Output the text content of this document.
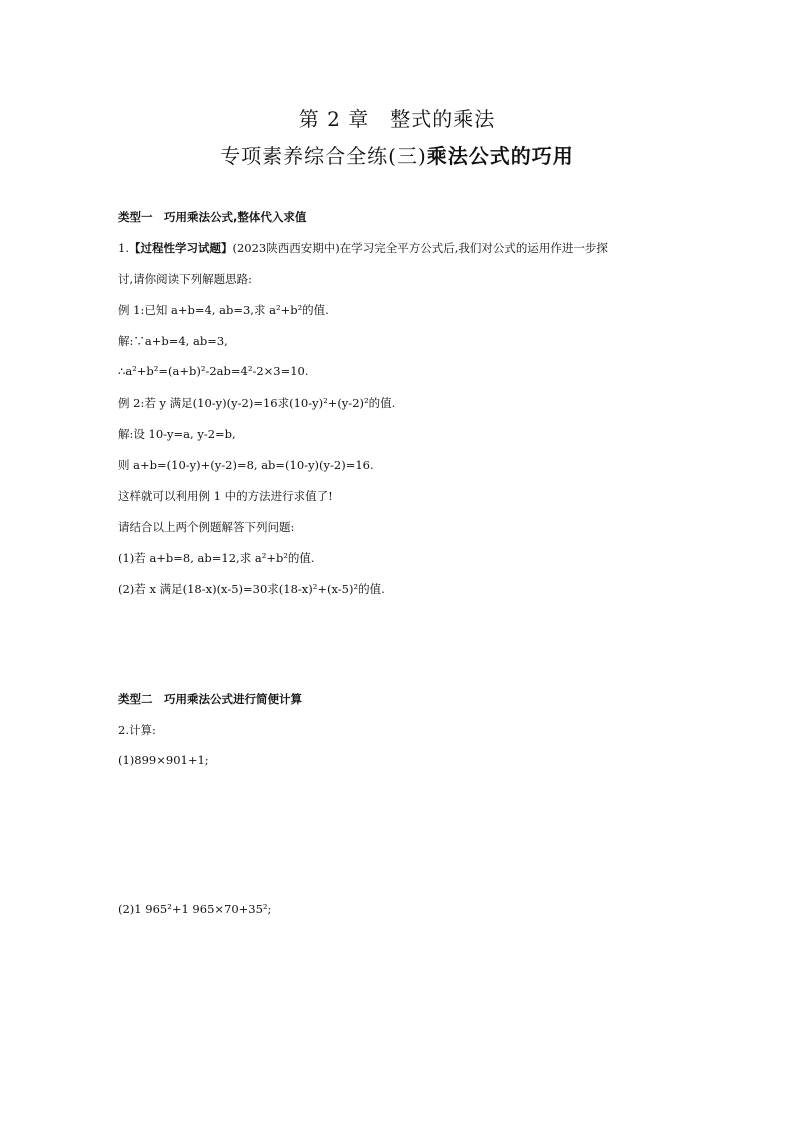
第 2 章　整式的乘法
专项素养综合全练(三)乘法公式的巧用
类型一　巧用乘法公式,整体代入求值
1.【过程性学习试题】(2023陕西西安期中)在学习完全平方公式后,我们对公式的运用作进一步探
讨,请你阅读下列解题思路:
例 1:已知 a+b=4, ab=3,求 a²+b²的值.
解:∵a+b=4, ab=3,
∴a²+b²=(a+b)²-2ab=4²-2×3=10.
例 2:若 y 满足(10-y)(y-2)=16求(10-y)²+(y-2)²的值.
解:设 10-y=a, y-2=b,
则 a+b=(10-y)+(y-2)=8, ab=(10-y)(y-2)=16.
这样就可以利用例 1 中的方法进行求值了!
请结合以上两个例题解答下列问题:
(1)若 a+b=8, ab=12,求 a²+b²的值.
(2)若 x 满足(18-x)(x-5)=30求(18-x)²+(x-5)²的值.
类型二　巧用乘法公式进行简便计算
2.计算:
(1)899×901+1;
(2)1 965²+1 965×70+35²;
